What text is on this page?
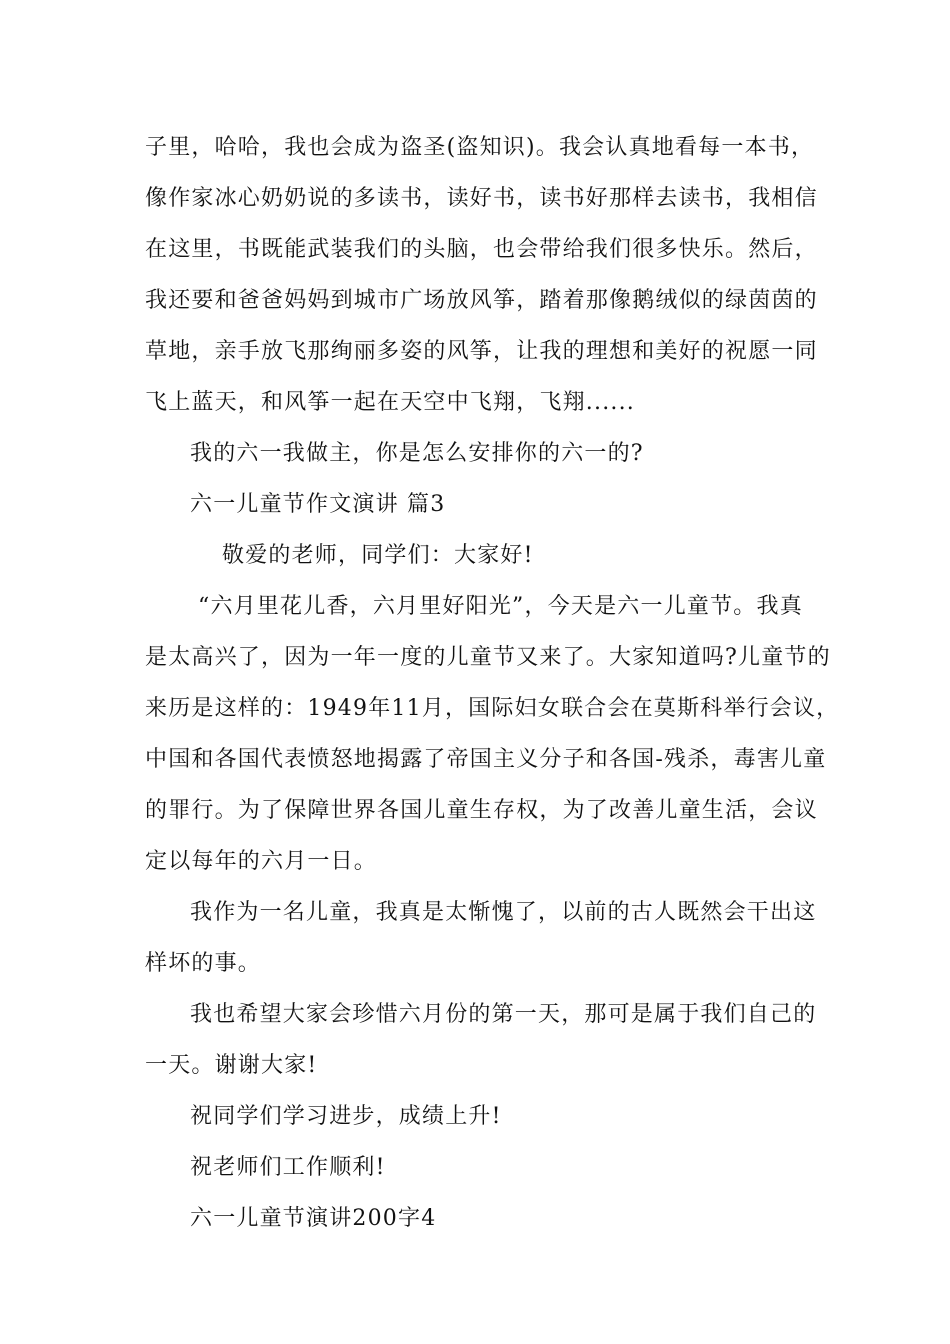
子里，哈哈，我也会成为盗圣(盗知识)。我会认真地看每一本书，
像作家冰心奶奶说的多读书，读好书，读书好那样去读书，我相信
在这里，书既能武装我们的头脑，也会带给我们很多快乐。然后，
我还要和爸爸妈妈到城市广场放风筝，踏着那像鹅绒似的绿茵茵的
草地，亲手放飞那绚丽多姿的风筝，让我的理想和美好的祝愿一同
飞上蓝天，和风筝一起在天空中飞翔，飞翔......
我的六一我做主，你是怎么安排你的六一的?
六一儿童节作文演讲 篇3
敬爱的老师，同学们：大家好!
“六月里花儿香，六月里好阳光”，今天是六一儿童节。我真
是太高兴了，因为一年一度的儿童节又来了。大家知道吗?儿童节的
来历是这样的：1949年11月，国际妇女联合会在莫斯科举行会议，
中国和各国代表愤怒地揭露了帝国主义分子和各国-残杀，毒害儿童
的罪行。为了保障世界各国儿童生存权，为了改善儿童生活，会议
定以每年的六月一日。
我作为一名儿童，我真是太惭愧了，以前的古人既然会干出这
样坏的事。
我也希望大家会珍惜六月份的第一天，那可是属于我们自己的
一天。谢谢大家!
祝同学们学习进步，成绩上升!
祝老师们工作顺利!
六一儿童节演讲200字4
